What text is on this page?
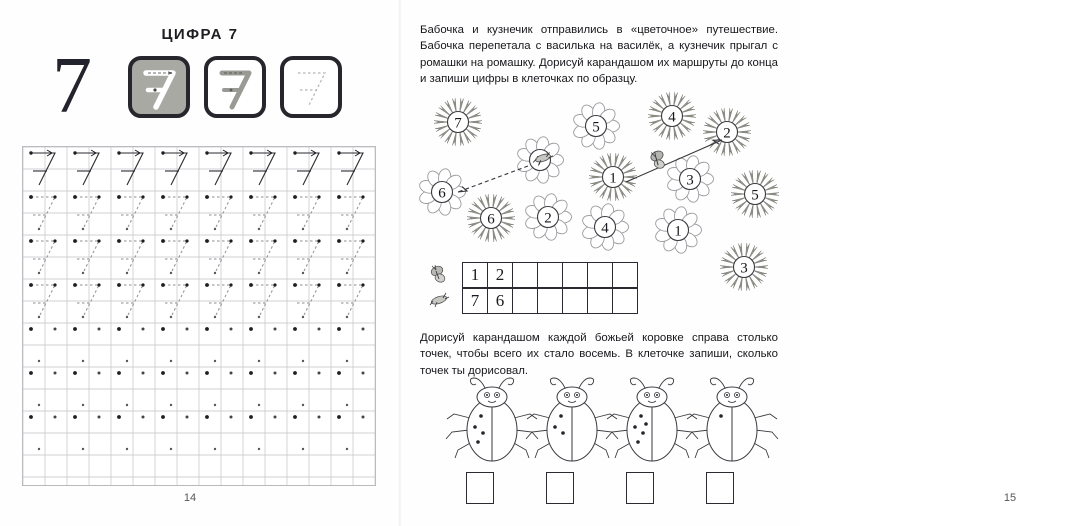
ЦИФРА 7
7
14	15
Бабочка и кузнечик отправились в «цветочное» путешествие. Бабочка перепетала с василька на василёк, а кузнечик прыгал с ромашки на ромашку. Дорисуй карандашом их маршруты до конца и запиши цифры в клеточках по образцу.
Дорисуй карандашом каждой божьей коровке справа столько точек, чтобы всего их стало восемь. В клеточке запиши, сколько точек ты дорисовал.
7
6
6	2
5
4
2
1	3
5
4	1
3
1 2
7 6
